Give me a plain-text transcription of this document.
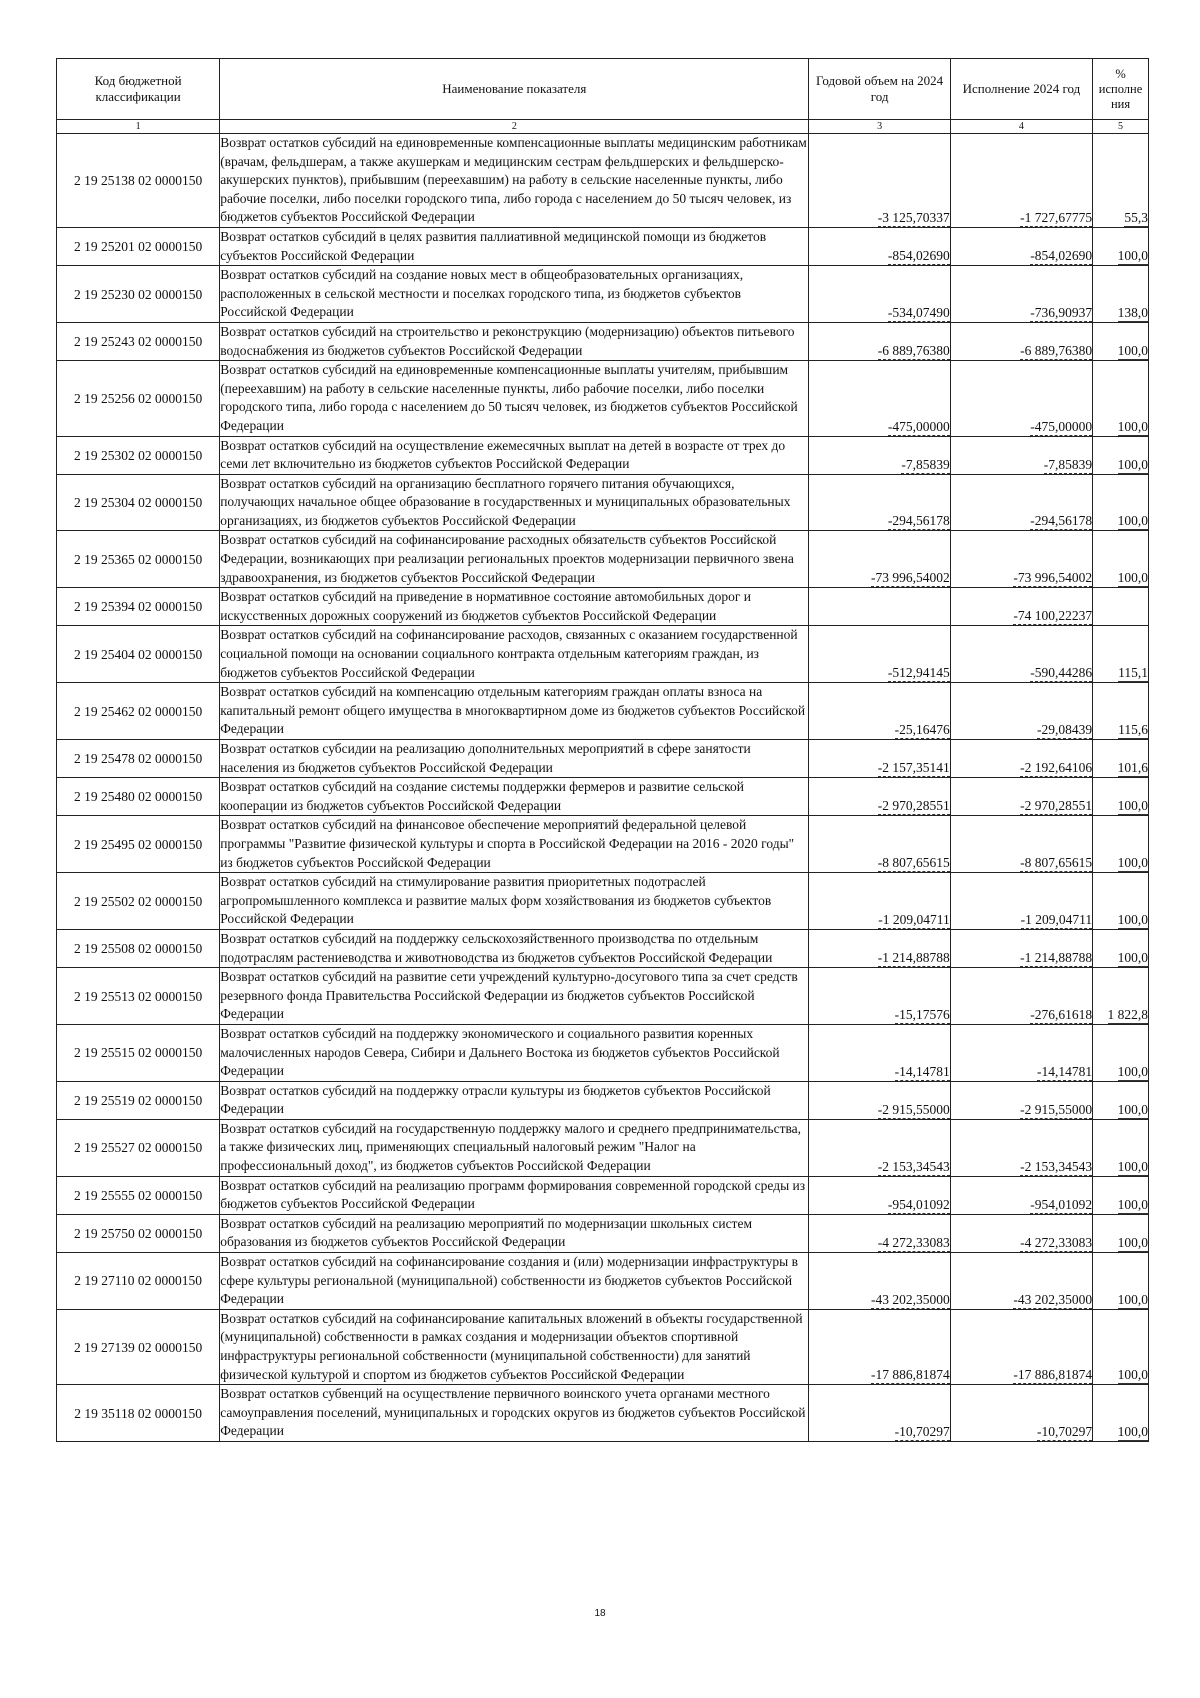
Код бюджетной классификации	Наименование показателя	Годовой объем на 2024 год	Исполнение 2024 год	% исполне ния
1	2	3	4	5
2 19 25138 02 0000150	Возврат остатков субсидий на единовременные компенсационные выплаты медицинским работникам (врачам, фельдшерам, а также акушеркам и медицинским сестрам фельдшерских и фельдшерско-акушерских пунктов), прибывшим (переехавшим) на работу в сельские населенные пункты, либо рабочие поселки, либо поселки городского типа, либо города с населением до 50 тысяч человек, из бюджетов субъектов Российской Федерации	-3 125,70337	-1 727,67775	55,3
2 19 25201 02 0000150	Возврат остатков субсидий в целях развития паллиативной медицинской помощи из бюджетов субъектов Российской Федерации	-854,02690	-854,02690	100,0
2 19 25230 02 0000150	Возврат остатков субсидий на создание новых мест в общеобразовательных организациях, расположенных в сельской местности и поселках городского типа, из бюджетов субъектов Российской Федерации	-534,07490	-736,90937	138,0
2 19 25243 02 0000150	Возврат остатков субсидий на строительство и реконструкцию (модернизацию) объектов питьевого водоснабжения из бюджетов субъектов Российской Федерации	-6 889,76380	-6 889,76380	100,0
2 19 25256 02 0000150	Возврат остатков субсидий на единовременные компенсационные выплаты учителям, прибывшим (переехавшим) на работу в сельские населенные пункты, либо рабочие поселки, либо поселки городского типа, либо города с населением до 50 тысяч человек, из бюджетов субъектов Российской Федерации	-475,00000	-475,00000	100,0
2 19 25302 02 0000150	Возврат остатков субсидий на осуществление ежемесячных выплат на детей в возрасте от трех до семи лет включительно из бюджетов субъектов Российской Федерации	-7,85839	-7,85839	100,0
2 19 25304 02 0000150	Возврат остатков субсидий на организацию бесплатного горячего питания обучающихся, получающих начальное общее образование в государственных и муниципальных образовательных организациях, из бюджетов субъектов Российской Федерации	-294,56178	-294,56178	100,0
2 19 25365 02 0000150	Возврат остатков субсидий на софинансирование расходных обязательств субъектов Российской Федерации, возникающих при реализации региональных проектов модернизации первичного звена здравоохранения, из бюджетов субъектов Российской Федерации	-73 996,54002	-73 996,54002	100,0
2 19 25394 02 0000150	Возврат остатков субсидий на приведение в нормативное состояние автомобильных дорог и искусственных дорожных сооружений из бюджетов субъектов Российской Федерации		-74 100,22237	
2 19 25404 02 0000150	Возврат остатков субсидий на софинансирование расходов, связанных с оказанием государственной социальной помощи на основании социального контракта отдельным категориям граждан, из бюджетов субъектов Российской Федерации	-512,94145	-590,44286	115,1
2 19 25462 02 0000150	Возврат остатков субсидий на компенсацию отдельным категориям граждан оплаты взноса на капитальный ремонт общего имущества в многоквартирном доме из бюджетов субъектов Российской Федерации	-25,16476	-29,08439	115,6
2 19 25478 02 0000150	Возврат остатков субсидии на реализацию дополнительных мероприятий в сфере занятости населения из бюджетов субъектов Российской Федерации	-2 157,35141	-2 192,64106	101,6
2 19 25480 02 0000150	Возврат остатков субсидий на создание системы поддержки фермеров и развитие сельской кооперации из бюджетов субъектов Российской Федерации	-2 970,28551	-2 970,28551	100,0
2 19 25495 02 0000150	Возврат остатков субсидий на финансовое обеспечение мероприятий федеральной целевой программы "Развитие физической культуры и спорта в Российской Федерации на 2016 - 2020 годы" из бюджетов субъектов Российской Федерации	-8 807,65615	-8 807,65615	100,0
2 19 25502 02 0000150	Возврат остатков субсидий на стимулирование развития приоритетных подотраслей агропромышленного комплекса и развитие малых форм хозяйствования из бюджетов субъектов Российской Федерации	-1 209,04711	-1 209,04711	100,0
2 19 25508 02 0000150	Возврат остатков субсидий на поддержку сельскохозяйственного производства по отдельным подотраслям растениеводства и животноводства из бюджетов субъектов Российской Федерации	-1 214,88788	-1 214,88788	100,0
2 19 25513 02 0000150	Возврат остатков субсидий на развитие сети учреждений культурно-досугового типа за счет средств резервного фонда Правительства Российской Федерации из бюджетов субъектов Российской Федерации	-15,17576	-276,61618	1 822,8
2 19 25515 02 0000150	Возврат остатков субсидий на поддержку экономического и социального развития коренных малочисленных народов Севера, Сибири и Дальнего Востока из бюджетов субъектов Российской Федерации	-14,14781	-14,14781	100,0
2 19 25519 02 0000150	Возврат остатков субсидий на поддержку отрасли культуры из бюджетов субъектов Российской Федерации	-2 915,55000	-2 915,55000	100,0
2 19 25527 02 0000150	Возврат остатков субсидий на государственную поддержку малого и среднего предпринимательства, а также физических лиц, применяющих специальный налоговый режим "Налог на профессиональный доход", из бюджетов субъектов Российской Федерации	-2 153,34543	-2 153,34543	100,0
2 19 25555 02 0000150	Возврат остатков субсидий на реализацию программ формирования современной городской среды из бюджетов субъектов Российской Федерации	-954,01092	-954,01092	100,0
2 19 25750 02 0000150	Возврат остатков субсидий на реализацию мероприятий по модернизации школьных систем образования из бюджетов субъектов Российской Федерации	-4 272,33083	-4 272,33083	100,0
2 19 27110 02 0000150	Возврат остатков субсидий на софинансирование создания и (или) модернизации инфраструктуры в сфере культуры региональной (муниципальной) собственности из бюджетов субъектов Российской Федерации	-43 202,35000	-43 202,35000	100,0
2 19 27139 02 0000150	Возврат остатков субсидий на софинансирование капитальных вложений в объекты государственной (муниципальной) собственности в рамках создания и модернизации объектов спортивной инфраструктуры региональной собственности (муниципальной собственности) для занятий физической культурой и спортом из бюджетов субъектов Российской Федерации	-17 886,81874	-17 886,81874	100,0
2 19 35118 02 0000150	Возврат остатков субвенций на осуществление первичного воинского учета органами местного самоуправления поселений, муниципальных и городских округов из бюджетов субъектов Российской Федерации	-10,70297	-10,70297	100,0
18
